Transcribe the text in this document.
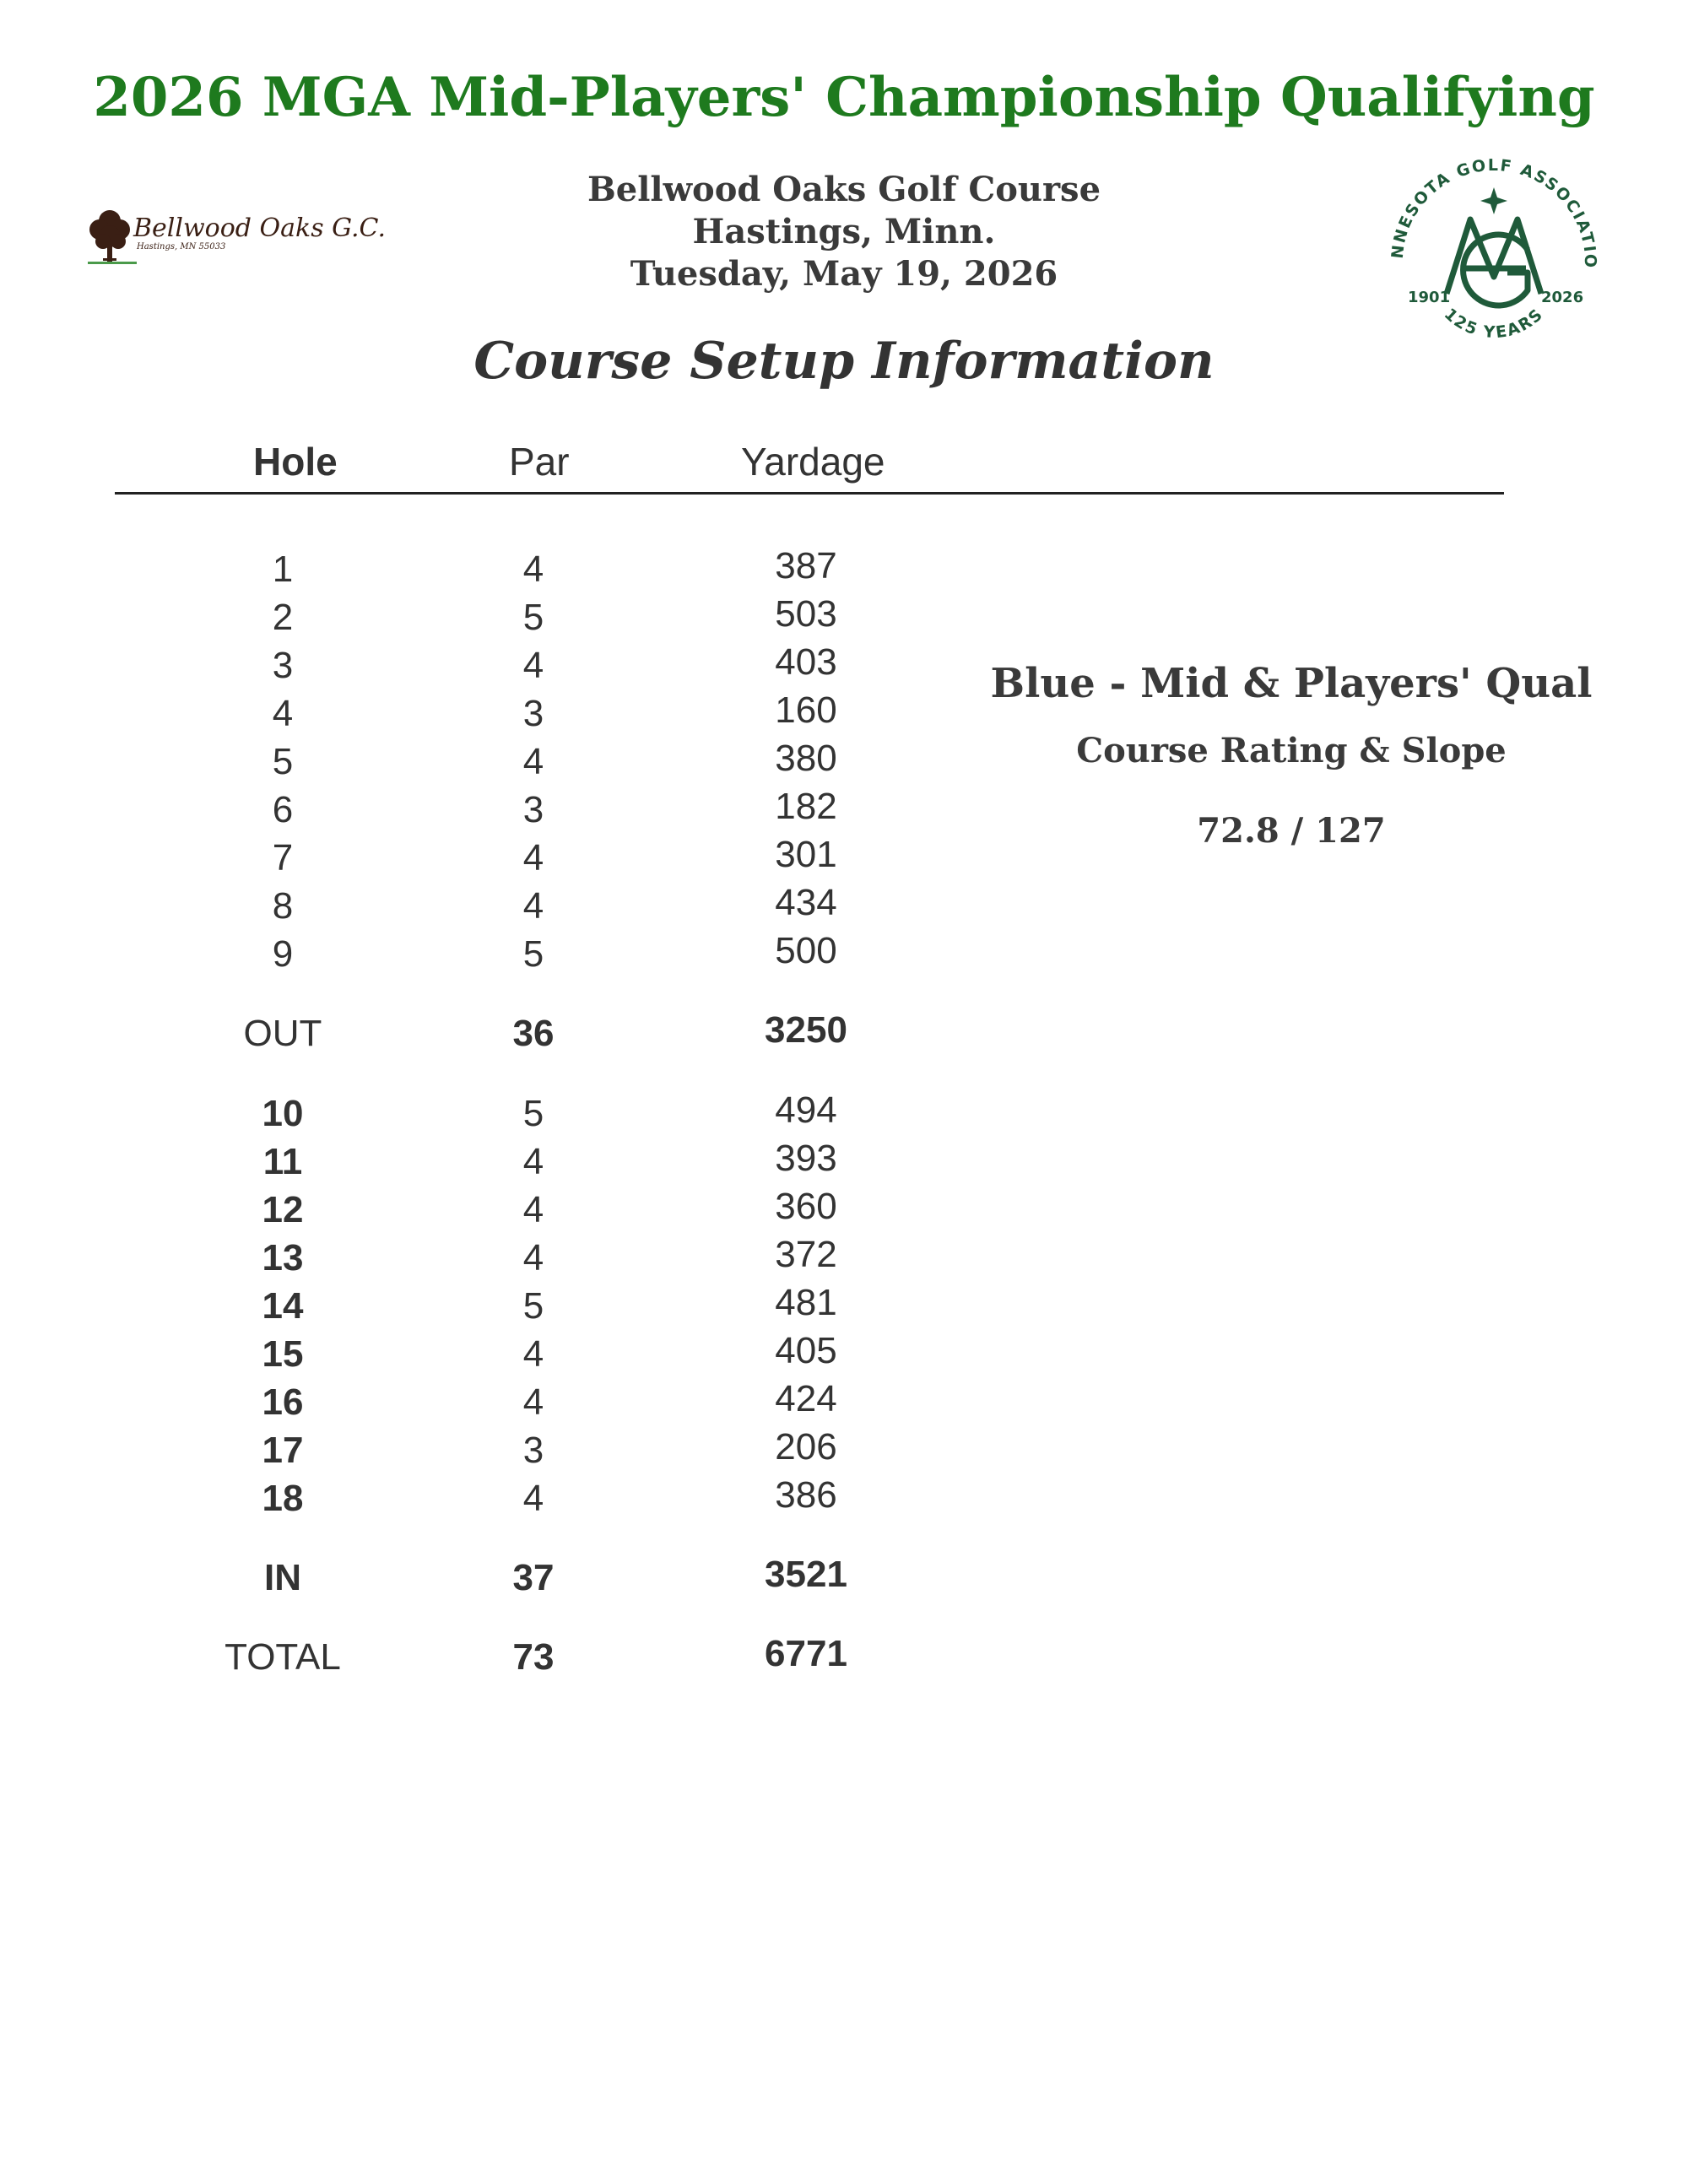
2026 MGA Mid-Players' Championship Qualifying
Bellwood Oaks G.C.
Hastings, MN 55033
Bellwood Oaks Golf Course
Hastings, Minn.
Tuesday, May 19, 2026
NNESOTA GOLF ASSOCIATIO
125 YEARS
1901	2026
Course Setup Information
Hole	Par	Yardage
1	4	387
2	5	503
3	4	403
4	3	160
5	4	380
6	3	182
7	4	301
8	4	434
9	5	500
OUT	36	3250
10	5	494
11	4	393
12	4	360
13	4	372
14	5	481
15	4	405
16	4	424
17	3	206
18	4	386
IN	37	3521
TOTAL	73	6771
Blue - Mid & Players' Qual
Course Rating & Slope
72.8 / 127
